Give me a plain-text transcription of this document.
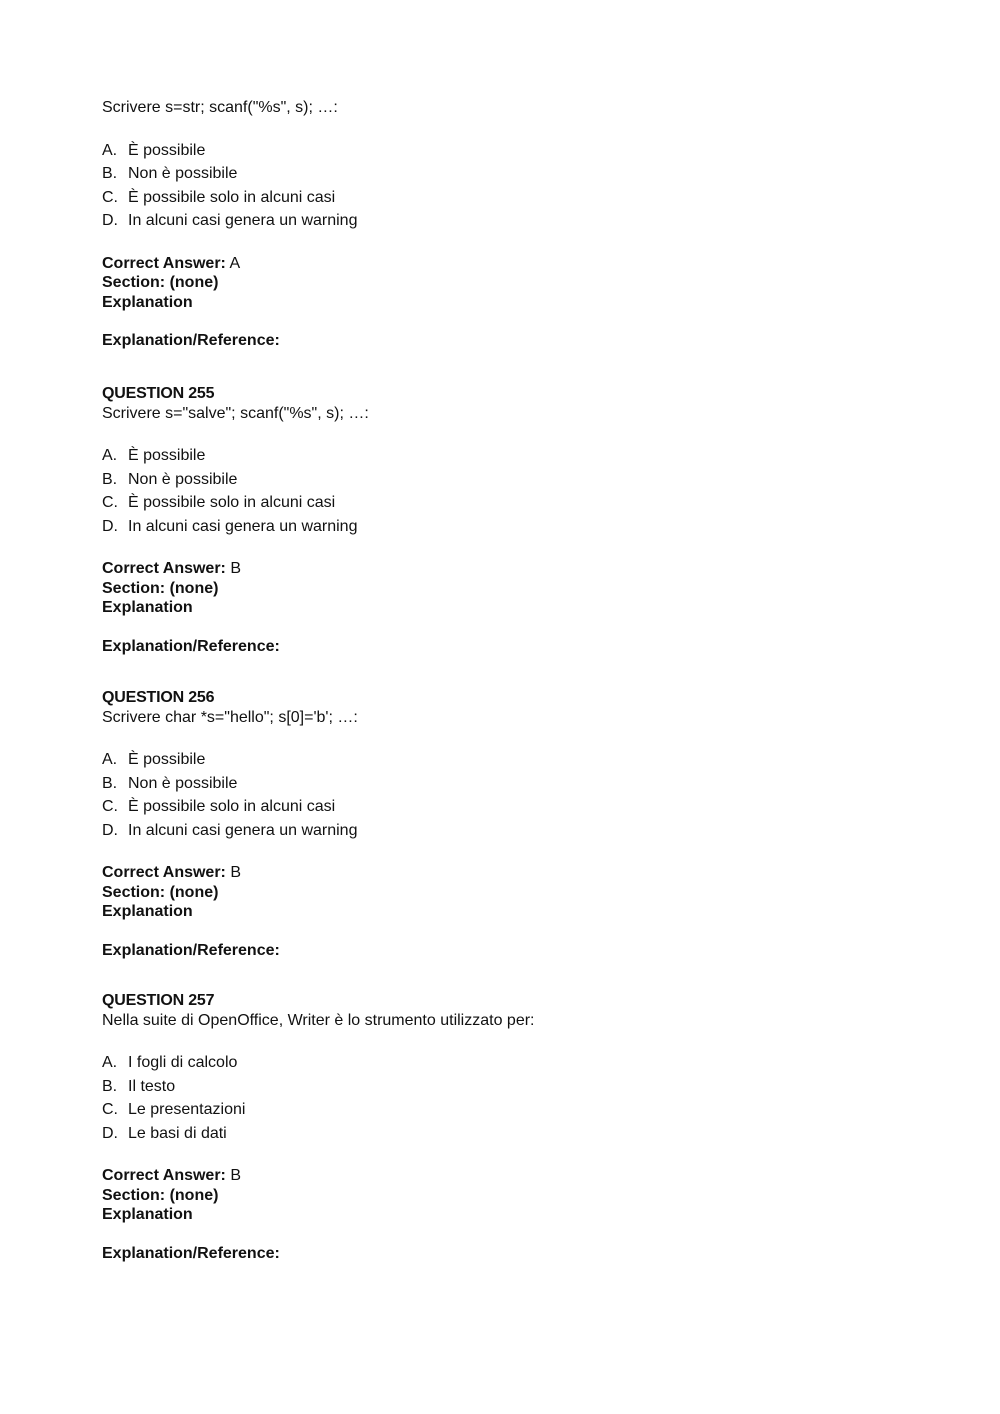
Scrivere s=str; scanf("%s", s); …:
A. È possibile
B. Non è possibile
C. È possibile solo in alcuni casi
D. In alcuni casi genera un warning
Correct Answer: A
Section: (none)
Explanation
Explanation/Reference:
QUESTION 255
Scrivere s="salve"; scanf("%s", s); …:
A. È possibile
B. Non è possibile
C. È possibile solo in alcuni casi
D. In alcuni casi genera un warning
Correct Answer: B
Section: (none)
Explanation
Explanation/Reference:
QUESTION 256
Scrivere char *s="hello"; s[0]='b'; …:
A. È possibile
B. Non è possibile
C. È possibile solo in alcuni casi
D. In alcuni casi genera un warning
Correct Answer: B
Section: (none)
Explanation
Explanation/Reference:
QUESTION 257
Nella suite di OpenOffice, Writer è lo strumento utilizzato per:
A. I fogli di calcolo
B. Il testo
C. Le presentazioni
D. Le basi di dati
Correct Answer: B
Section: (none)
Explanation
Explanation/Reference:
